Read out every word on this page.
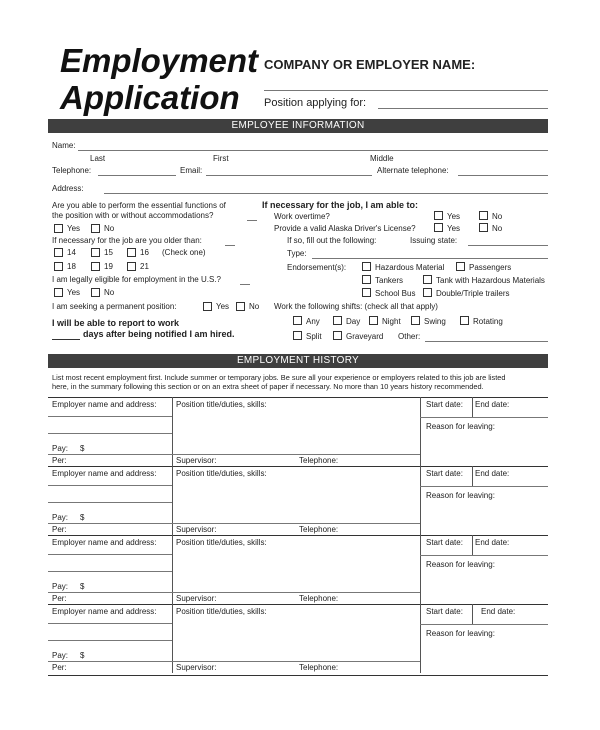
Employment
Application
COMPANY OR EMPLOYER NAME:
Position applying for:
EMPLOYEE INFORMATION
Name:
Last	First	Middle
Telephone:	Email:	Alternate telephone:
Address:
Are you able to perform the essential functions of
the position with or without accommodations?
Yes	No
If necessary for the job are you older than:
14	15	16 (Check one)
18	19	21
I am legally eligible for employment in the U.S.?
Yes	No
I am seeking a permanent position:	Yes No
I will be able to report to work
days after being notified I am hired.
If necessary for the job, I am able to:
Work overtime?	Yes	No
Provide a valid Alaska Driver's License?	Yes	No
If so, fill out the following:	Issuing state:
Type:
Endorsement(s):	Hazardous Material	Passengers
Tankers	Tank with Hazardous Materials
School Bus	Double/Triple trailers
Work the following shifts: (check all that apply)
Any	Day	Night	Swing	Rotating
Split	Graveyard Other:
EMPLOYMENT HISTORY
List most recent employment first. Include summer or temporary jobs. Be sure all your experience or employers related to this job are listed
here, in the summary following this section or on an extra sheet of paper if necessary. No more than 10 years history recommended.
Employer name and address: Position title/duties, skills:	Start date: End date:
Reason for leaving:
Pay: $
Per:	Supervisor:	Telephone:
Employer name and address: Position title/duties, skills:	Start date: End date:
Reason for leaving:
Pay: $
Per:	Supervisor:	Telephone:
Employer name and address: Position title/duties, skills:	Start date: End date:
Reason for leaving:
Pay: $
Per:	Supervisor:	Telephone:
Employer name and address: Position title/duties, skills:	Start date: End date:
Reason for leaving:
Pay: $
Per:	Supervisor:	Telephone:
